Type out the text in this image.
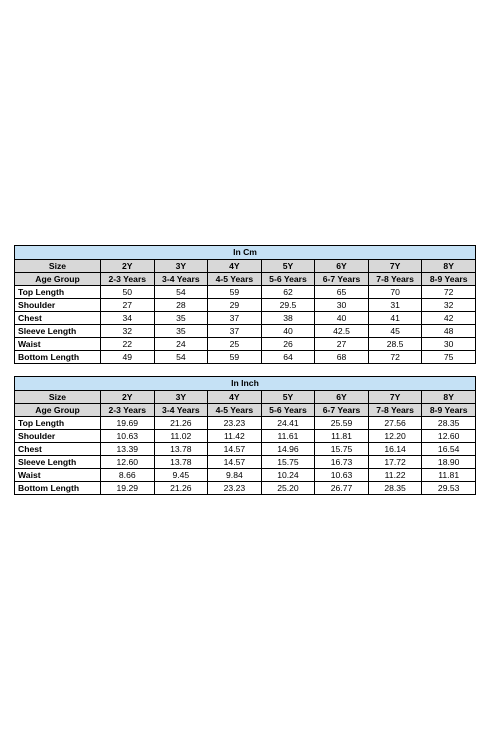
In Cm							
Size	2Y	3Y	4Y	5Y	6Y	7Y	8Y
Age Group	2-3 Years	3-4 Years	4-5 Years	5-6 Years	6-7 Years	7-8 Years	8-9 Years
Top Length	50	54	59	62	65	70	72
Shoulder	27	28	29	29.5	30	31	32
Chest	34	35	37	38	40	41	42
Sleeve Length	32	35	37	40	42.5	45	48
Waist	22	24	25	26	27	28.5	30
Bottom Length	49	54	59	64	68	72	75
In Inch							
Size	2Y	3Y	4Y	5Y	6Y	7Y	8Y
Age Group	2-3 Years	3-4 Years	4-5 Years	5-6 Years	6-7 Years	7-8 Years	8-9 Years
Top Length	19.69	21.26	23.23	24.41	25.59	27.56	28.35
Shoulder	10.63	11.02	11.42	11.61	11.81	12.20	12.60
Chest	13.39	13.78	14.57	14.96	15.75	16.14	16.54
Sleeve Length	12.60	13.78	14.57	15.75	16.73	17.72	18.90
Waist	8.66	9.45	9.84	10.24	10.63	11.22	11.81
Bottom Length	19.29	21.26	23.23	25.20	26.77	28.35	29.53
